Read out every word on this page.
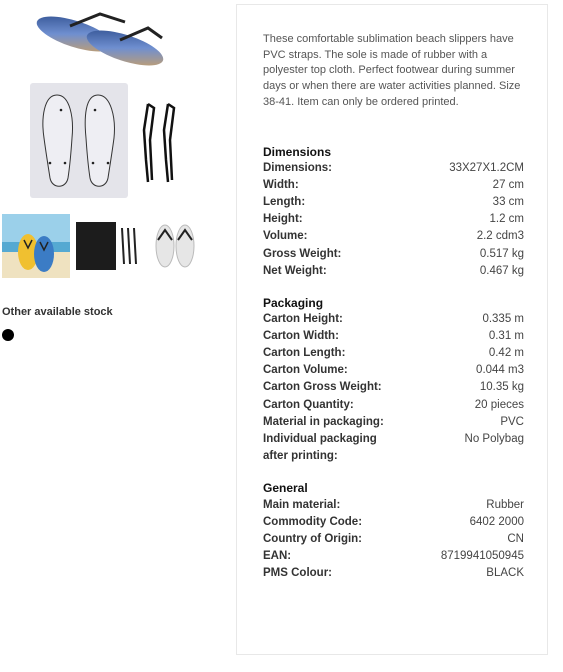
Other available stock
These comfortable sublimation beach slippers have PVC straps. The sole is made of rubber with a polyester top cloth. Perfect footwear during summer days or when there are water activities planned. Size 38-41. Item can only be ordered printed.
Dimensions
Dimensions:	33X27X1.2CM
Width:	27 cm
Length:	33 cm
Height:	1.2 cm
Volume:	2.2 cdm3
Gross Weight:	0.517 kg
Net Weight:	0.467 kg
Packaging
Carton Height:	0.335 m
Carton Width:	0.31 m
Carton Length:	0.42 m
Carton Volume:	0.044 m3
Carton Gross Weight:	10.35 kg
Carton Quantity:	20 pieces
Material in packaging:	PVC
Individual packaging	No Polybag
after printing:
General
Main material:	Rubber
Commodity Code:	6402 2000
Country of Origin:	CN
EAN:	8719941050945
PMS Colour:	BLACK
